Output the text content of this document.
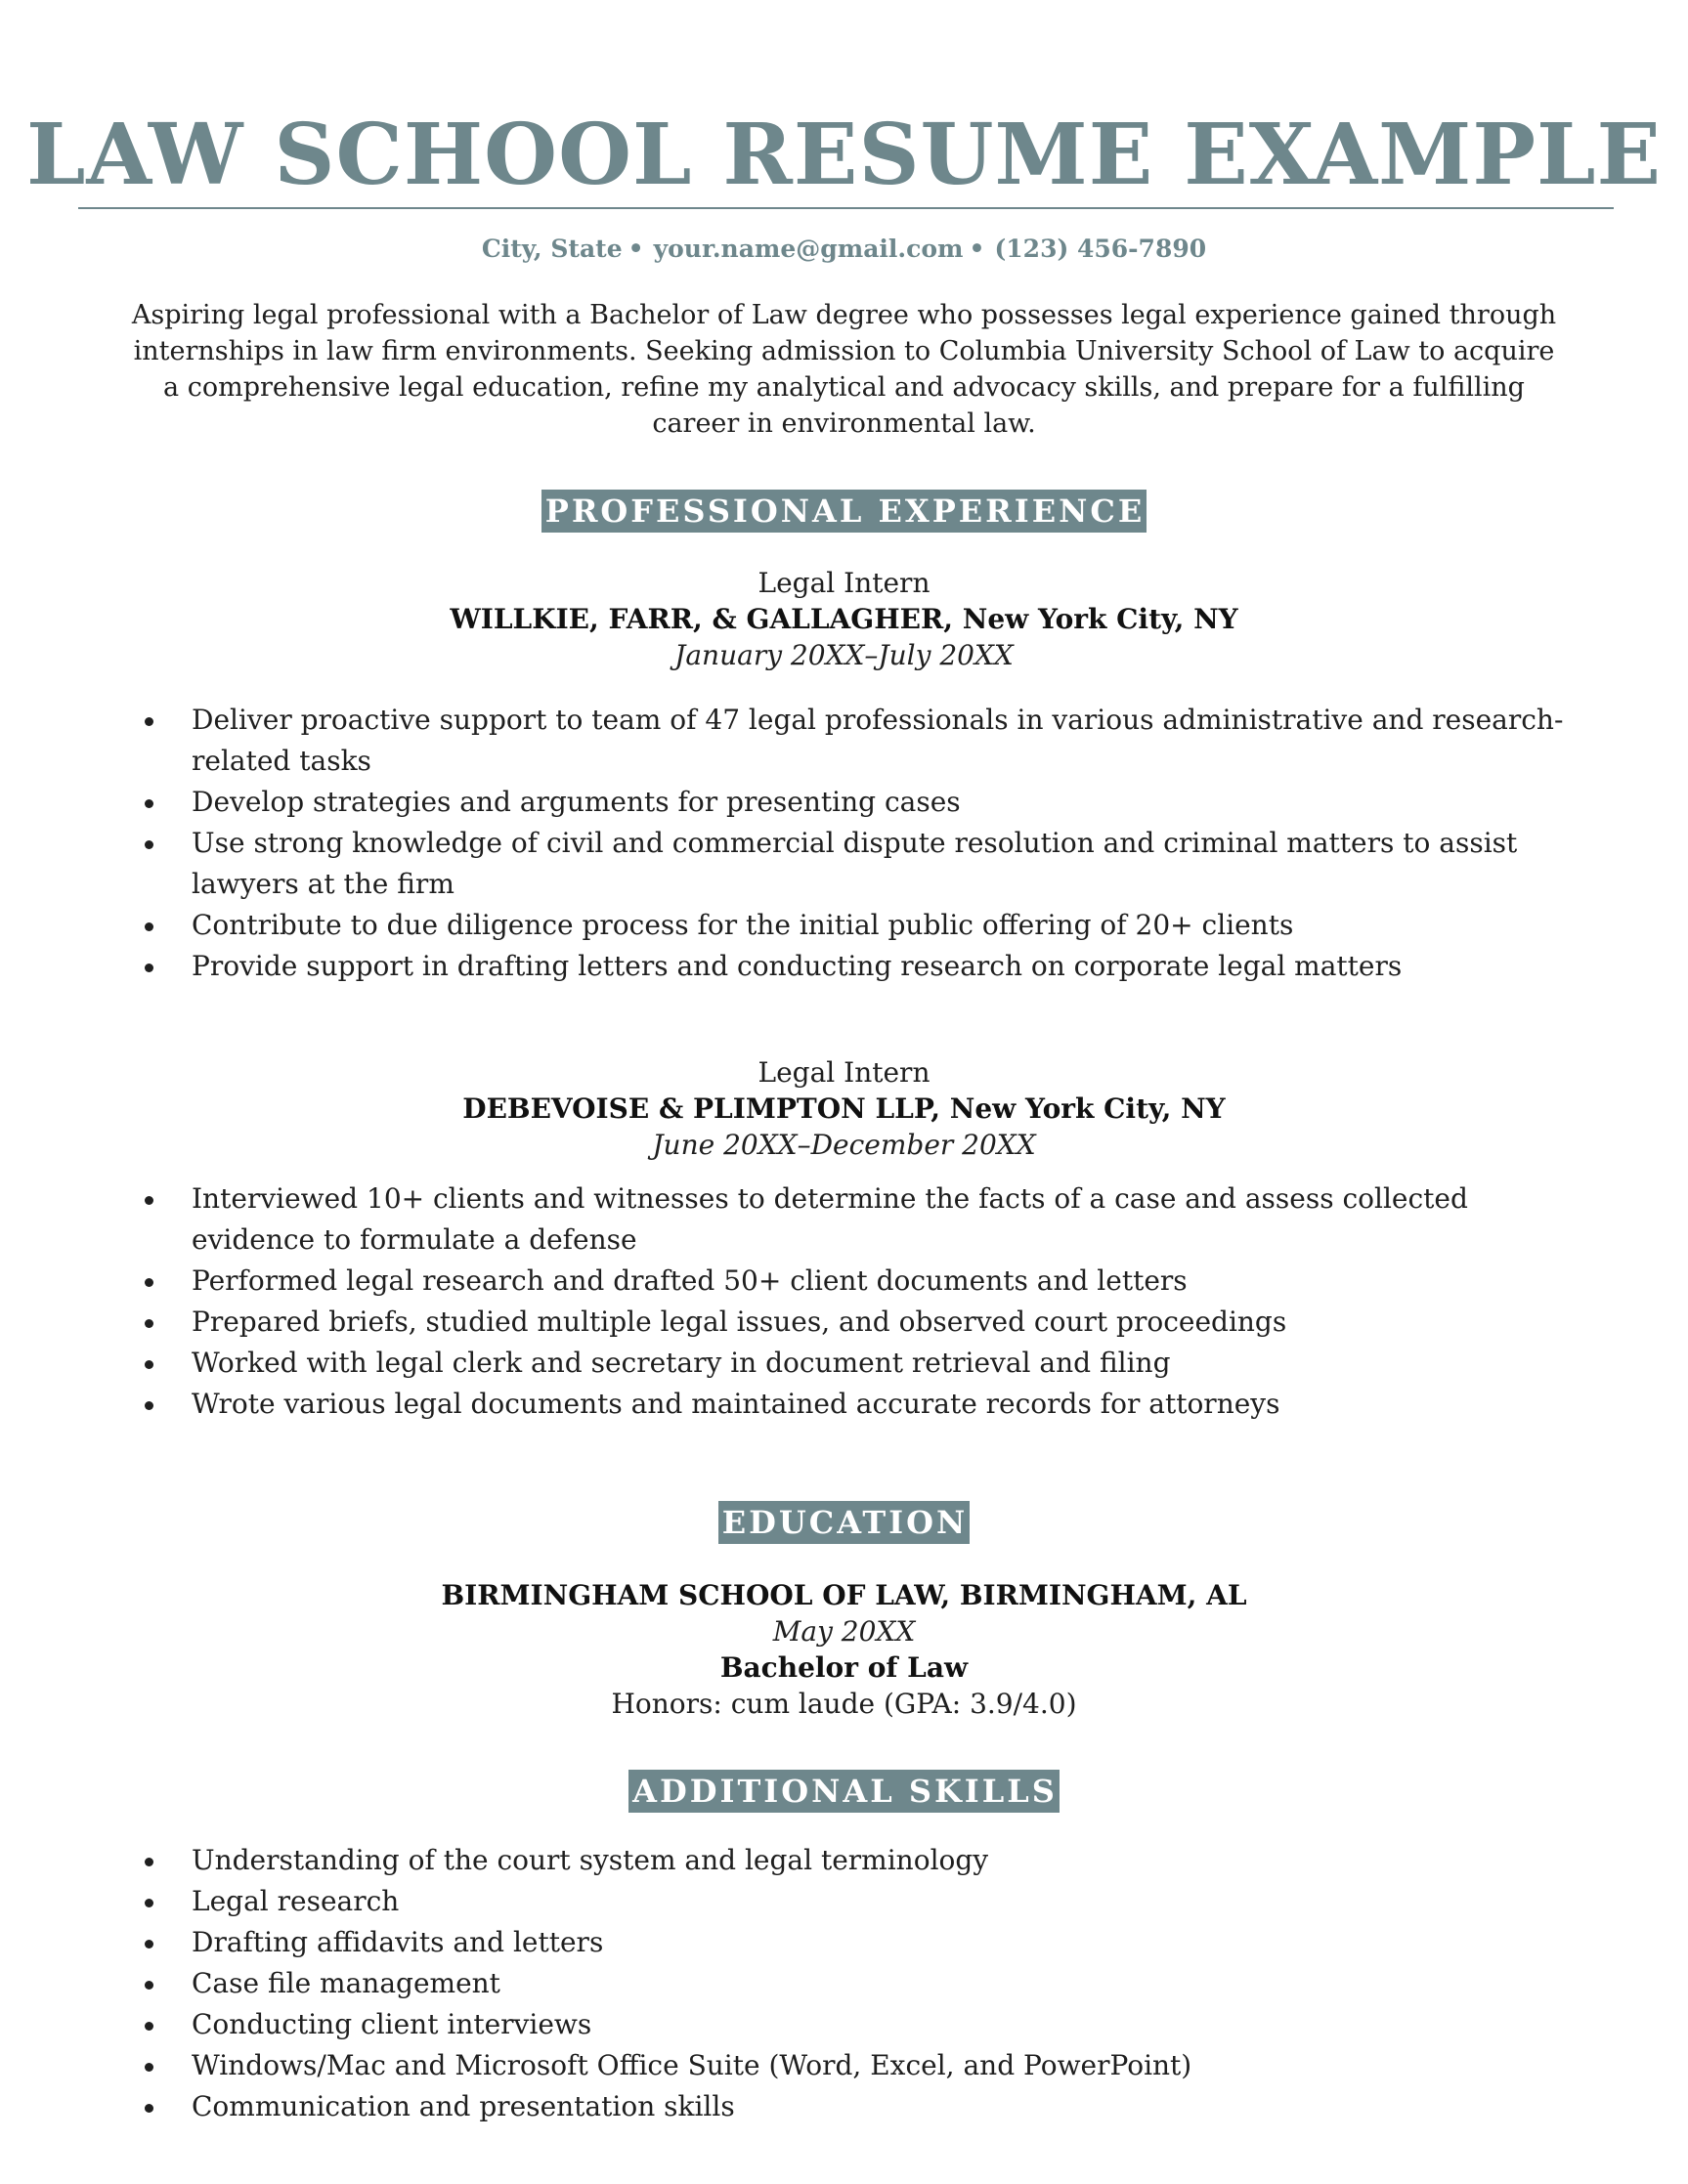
LAW SCHOOL RESUME EXAMPLE
City, State • your.name@gmail.com • (123) 456-7890
Aspiring legal professional with a Bachelor of Law degree who possesses legal experience gained through internships in law firm environments. Seeking admission to Columbia University School of Law to acquire a comprehensive legal education, refine my analytical and advocacy skills, and prepare for a fulfilling career in environmental law.
PROFESSIONAL EXPERIENCE
Legal Intern
WILLKIE, FARR, & GALLAGHER, New York City, NY
January 20XX–July 20XX
Deliver proactive support to team of 47 legal professionals in various administrative and research-related tasks
Develop strategies and arguments for presenting cases
Use strong knowledge of civil and commercial dispute resolution and criminal matters to assist lawyers at the firm
Contribute to due diligence process for the initial public offering of 20+ clients
Provide support in drafting letters and conducting research on corporate legal matters
Legal Intern
DEBEVOISE & PLIMPTON LLP, New York City, NY
June 20XX–December 20XX
Interviewed 10+ clients and witnesses to determine the facts of a case and assess collected evidence to formulate a defense
Performed legal research and drafted 50+ client documents and letters
Prepared briefs, studied multiple legal issues, and observed court proceedings
Worked with legal clerk and secretary in document retrieval and filing
Wrote various legal documents and maintained accurate records for attorneys
EDUCATION
BIRMINGHAM SCHOOL OF LAW, BIRMINGHAM, AL
May 20XX
Bachelor of Law
Honors: cum laude (GPA: 3.9/4.0)
ADDITIONAL SKILLS
Understanding of the court system and legal terminology
Legal research
Drafting affidavits and letters
Case file management
Conducting client interviews
Windows/Mac and Microsoft Office Suite (Word, Excel, and PowerPoint)
Communication and presentation skills
